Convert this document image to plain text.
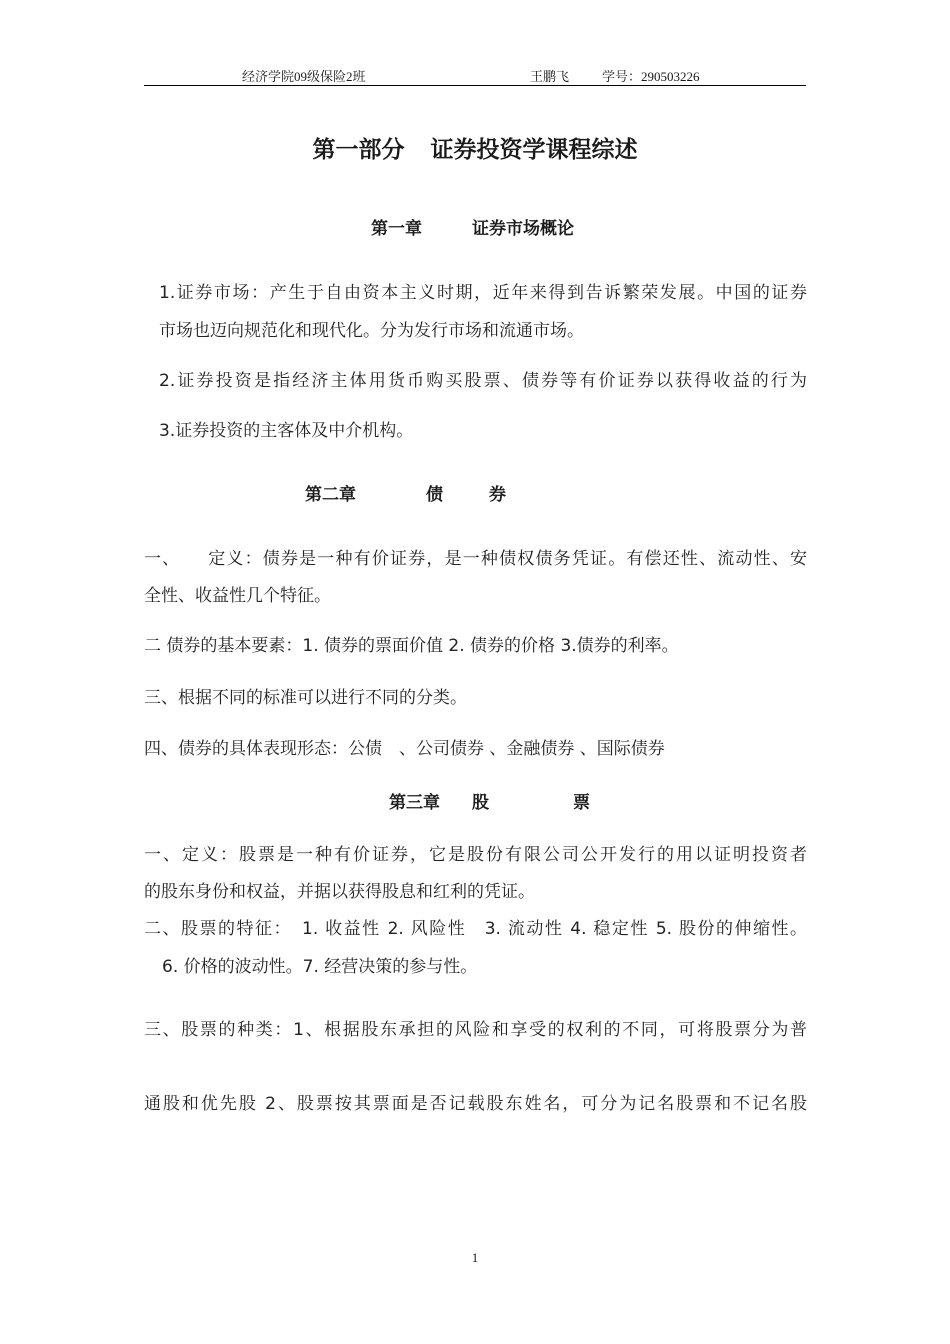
经济学院09级保险2班	王鹏飞	学号：290503226
第一部分 证券投资学课程综述
第一章	证券市场概论
1.证券市场：产生于自由资本主义时期，近年来得到告诉繁荣发展。中国的证券
市场也迈向规范化和现代化。分为发行市场和流通市场。
2.证券投资是指经济主体用货币购买股票、债券等有价证券以获得收益的行为
3.证券投资的主客体及中介机构。
第二章	债	券
一、　　定义：债券是一种有价证券，是一种债权债务凭证。有偿还性、流动性、安
全性、收益性几个特征。
二 债券的基本要素：1. 债券的票面价值 2. 债券的价格 3.债券的利率。
三、根据不同的标准可以进行不同的分类。
四、债券的具体表现形态：公债　、公司债券 、金融债券 、国际债券
第三章 股	票
一、定义：股票是一种有价证券，它是股份有限公司公开发行的用以证明投资者
的股东身份和权益，并据以获得股息和红利的凭证。
二、股票的特征：　1. 收益性 2. 风险性　3. 流动性 4. 稳定性 5. 股份的伸缩性。
6. 价格的波动性。7. 经营决策的参与性。
三、股票的种类：1、根据股东承担的风险和享受的权利的不同，可将股票分为普
通股和优先股 2、股票按其票面是否记载股东姓名，可分为记名股票和不记名股
1
